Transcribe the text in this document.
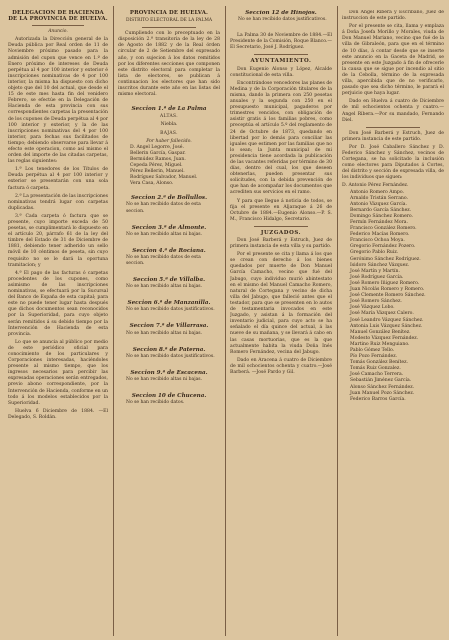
DELEGACIÓN DE HACIENDA DE LA PROVINCIA DE HUELVA.
Anuncio.

Autorizada la Dirección general de la Deuda pública por Real orden de 11 de Noviembre próximo pasado para la admisión del cupon que vence en 1.º de Enero próximo de intereses de Deuda perpétua al 4 por 100 interior y exterior é inscripciones nominativas de 4 por 100 interior, la misma ha dispuesto con dicho objeto que del 10 del actual, que desde el 15 de este mes hasta fin del venidero Febrero, se efectúe en la Delegación de Hacienda de esta provincia con sus correspondientes carpetas la presentación de los cupones de Deuda perpétua al 4 por 100 interior y exterior, y la de las inscripciones nominativas del 4 por 100 interior, para fechas sus facilitados de tiempo; debiendo observarse para llevar á efecto este operacion, como así mismo el orden del importe de las citadas carpetas, las reglas siguientes:

1.ª Los tenedores de los Títulos de Deuda perpétua al 4 por 100 interior y exterior se presentarán con una sola factura ó carpeta.

2.ª La presentación de las inscripciones nominativas tendrá lugar con carpetas duplicadas.

3.ª Cada carpeta ó factura que se presente, cuyo importe exceda de 50 pesetas, se cumplimentará lo dispuesto en el artículo 20, párrafo 61 de la ley del timbre del Estado de 31 de Diciembre de 1881, debiendo tener adherido un sello móvil de 10 céntimos de peseta, sin cuyo requisito no se le dará la oportuna tramitacion; y

4.ª El pago de las facturas ó carpetas procedentes de los cupones, como asimismo de las inscripciones nominativas, se efectuará por la Sucursal del Banco de España de esta capital; para este no puede tener lugar hasta después que dichos documentos sean reconocidos por la Superioridad, para cuyo objeto serán remitidos á su debido tiempo por la Intervención de Hacienda de esta provincia.

Lo que se anuncia al público por medio de este periódico oficial para conocimiento de los particulares y Corporaciones interesadas, haciéndoles presente al mismo tiempo, que los ingresos necesarios para percibir las expresadas operaciones serán entregados, previo abono correspondiente, por la Intervención de Hacienda, conforme en un todo á los modelos establecidos por la Superioridad.

Huelva 6 Diciembre de 1884. —El Delegado, S. Roldán.

PROVINCIA DE HUELVA.
DISTRITO ELECTORAL DE LA PALMA

Cumpliendo con lo preceptuado en la disposición 2.ª transitoria de la ley de 28 de Agosto de 1882 y de la Real órden circular de 2 de Setiembre del expresado año, y con sujecion á los datos remitidos por los diferentes secciones que componen este distrito electoral para completar la lista de electores, se publican á continuacion los electores que han sido inscritos durante este año en las listas del mismo electoral.

Seccion 1.ª de La Palma
ALTAS.
Niebla.
BAJAS.
Por haber fallecido.
D. Angel Legorre, José.
Bellerin García, Gaspar.
Bermúdez Ramos, Juan.
Cepeda Pérez, Miguel.
Pérez Bellerin, Manuel.
Rodríguez Salvador, Manuel.
Vera Casa, Alonso.
Seccion 2.ª de Bollullos.
No se han recibido datos de esta seccion.
Seccion 3.ª de Almonte.
No se han recibido altas ni bajas.
Seccion 4.ª de Rociana.
No se han recibido datos de esta seccion.
Seccion 5.ª de Villalba.
No se han recibido altas ni bajas.
Seccion 6.ª de Manzanilla.
No se han recibido datos justificativos.
Seccion 7.ª de Villarrasa.
No se han recibido altas ni bajas.
Seccion 8.ª de Paterna.
No se han recibido datos justificativos.
Seccion 9.ª de Escacena.
No se han recibido altas ni bajas.
Seccion 10 de Chucena.
No se han recibido datos.
Seccion 12 de Hinojos.
No se han recibido datos justificativos.

La Palma 30 de Noviembre de 1884.—El Presidente de la Comisión, Roque Blanco.—El Secretario, José J. Rodríguez.

AYUNTAMIENTO.

Don Eugenio Alonso y López, Alcalde constitucional de esta villa.

Encontrándose vencedores las planes de Medina y de la Corporación titulares de la misma, dando la primera con 250 pesetas anuales y la segunda con 250 en el presupuesto municipal, pagaderos por trimestres vencidos, con obligación de asistir gratis á los familias pobres, como preceptúa el artículo 5.º del reglamento de 24 de Octubre de 1873, quedando en libertad por lo demás para conciliar las iguales que estimen por las familias que no lo sean; la Junta municipal de mi presidencia tiene acordada la publicación de las vacantes referidas por término de 30 días, dentro del cual, los que deseen obtenerlas, pueden presentar sus solicitudes, con la debida prevención de que han de acompañar los documentos que acrediten sus servicios en el ramo.

Y para que llegue á noticia de todos, se fija el presente en Aljaraque á 26 de Octubre de 1884.—Eugenio Alonso.—P. S. M., Francisco Hidalgo, Secretario.

JUZGADOS.

Don José Barberá y Estruch, Juez de primera instancia de esta villa y su partido.

Por el presente se cita y llama á los que se crean con derecho á los bienes quedados por muerte de Don Manuel García Camacho, vecino que fué del Jabugo, cuyo individuo murió abintestato en el mismo del Manuel Camacho Romero, natural de Cortegana y vecino de dicha villa del Jabugo, que falleció antes que el testador, para que se presenten en lo autos de testamentaria invocados en este Juzgado, y asistan á la formación del inventario judicial, para cuyo acto se ha señalado el día quince del actual, á las nueve de su mañana, y se llevará á cabo en las casas mortuorias, que es la que actualmente habita la viuda Doña Inés Romero Fernández, vecina del Jabugo.

Dado en Aracena á cuatro de Diciembre de mil ochocientos ochenta y cuatro.—José Barberá. —José Pardo y Gil.

Don Angel Ribera y Escribano, Juez de instruccion de este partido.

Por el presente se cita, llama y emplaza á Doña Josefa Morillo y Morales, viuda de Don Manuel Mariano, vecino que fué de la villa de Gibraleón, para que en el término de 10 días, á contar desde que se inserte este anuncio en la Gaceta de Madrid, se presente en este Juzgado á fin de ofrecerle la causa que se sigue por incendio al sitio de la Cebolla, término de la expresada villa, apercibida que de no verificarlo, pasado que sea dicho término, le parará el perjuicio que haya lugar.

Dado en Huelva á cuatro de Diciembre de mil ochocientos ochenta y cuatro.—Angel Ribera.—Por su mandado, Fernando Diel.

Don José Barberá y Estruch, Juez de primera instancia de este partido.

Por D. José Caballero Sánchez y D. Federico Sánchez y Sánchez, vecinos de Cortegana, se ha solicitado la inclusión como electores para Diputados á Cortes, del distrito y sección de expresada villa, de los individuos que siguen:

D. Antonio Pérez Fernández.
Antonio Romero Ampo.
Arnaldo Tristán Serrano.
Antonio Vázquez García.
Bernardo García Sánchez.
Domingo Sánchez Romero.
Fermín Fernández Mora.
Francisco González Romero.
Federico Macías Romero.
Francisco Ochoa Moya.
Gregorio Fernández Pozero.
Gregorio Pablo Ruiz.
Gerónimo Sánchez Rodríguez.
Isidoro Sánchez Vázquez.
José Martín y Martín.
José Rodríguez García.
José Romero Iñiguez Romero.
Juan Nicolás Romero y Romero.
José Clemente Romero Sánchez.
José Romero Sánchez.
José Vázquez Lobo.
José María Vázquez Calero.
José Leandro Vázquez Sánchez.
Antonia Luis Vázquez Sánchez.
Manuel González Benítez.
Modesto Vázquez Fernández.
Martino Ruiz Menguiano.
Pablo Gómez Tello.
Pío Pozo Fernández.
Tomás González Benítez.
Tomás Ruiz Gonzalez.
José Camacho Terrera.
Sebastián Jiménez García.
Alonso Sánchez Fernández.
Juan Manuel Pozo Sánchez.
Federico Barros García.
